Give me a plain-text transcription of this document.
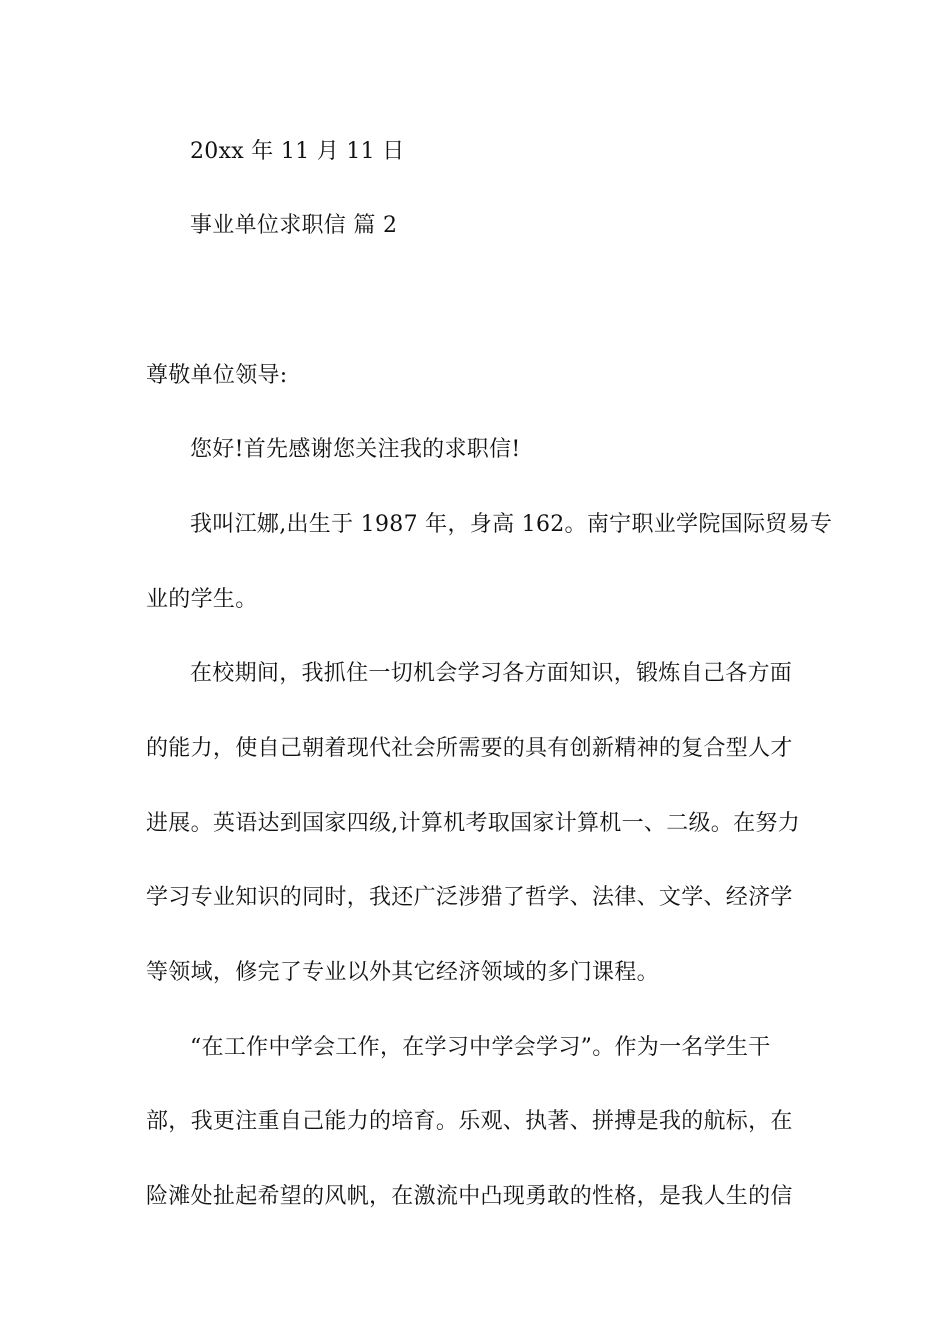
20xx 年 11 月 11 日
事业单位求职信 篇 2
尊敬单位领导:
您好!首先感谢您关注我的求职信!
我叫江娜,出生于 1987 年，身高 162。南宁职业学院国际贸易专
业的学生。
在校期间，我抓住一切机会学习各方面知识，锻炼自己各方面
的能力，使自己朝着现代社会所需要的具有创新精神的复合型人才
进展。英语达到国家四级,计算机考取国家计算机一、二级。在努力
学习专业知识的同时，我还广泛涉猎了哲学、法律、文学、经济学
等领域，修完了专业以外其它经济领域的多门课程。
“在工作中学会工作，在学习中学会学习”。作为一名学生干
部，我更注重自己能力的培育。乐观、执著、拼搏是我的航标，在
险滩处扯起希望的风帆，在激流中凸现勇敢的性格，是我人生的信
